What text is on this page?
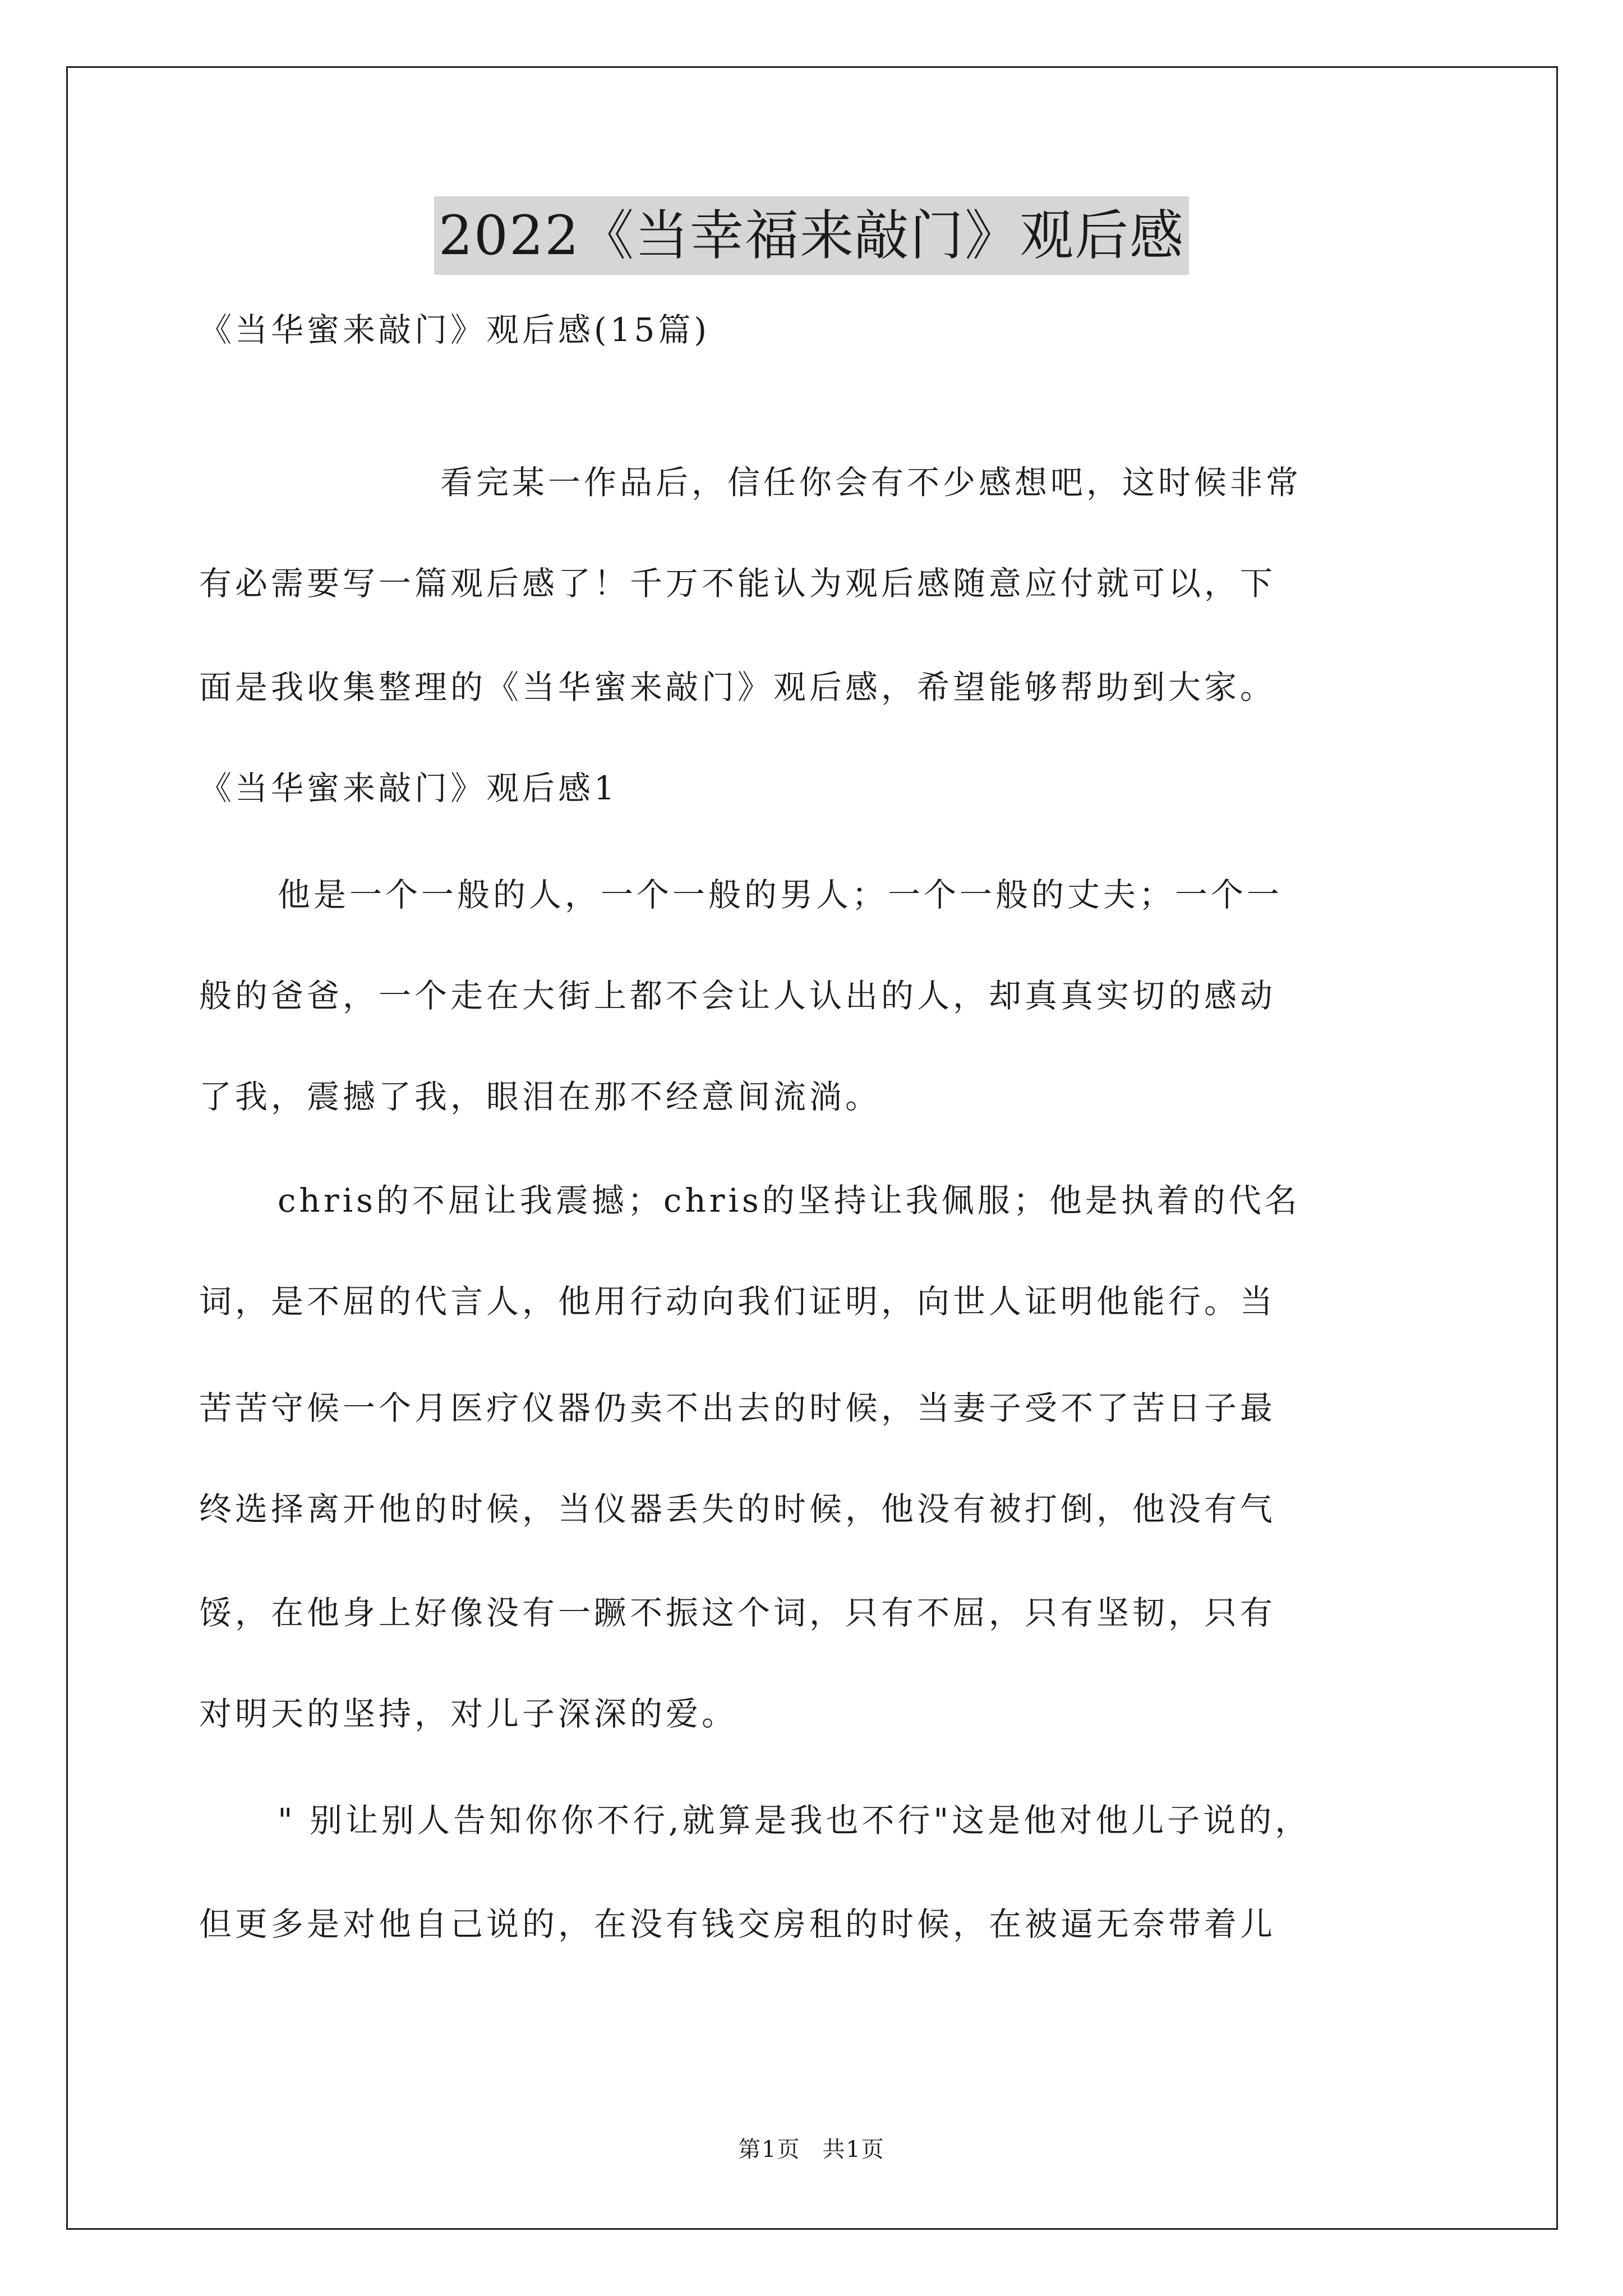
2022《当幸福来敲门》观后感
《当华蜜来敲门》观后感(15篇)
看完某一作品后，信任你会有不少感想吧，这时候非常
有必需要写一篇观后感了！千万不能认为观后感随意应付就可以，下
面是我收集整理的《当华蜜来敲门》观后感，希望能够帮助到大家。
《当华蜜来敲门》观后感1
他是一个一般的人，一个一般的男人；一个一般的丈夫；一个一
般的爸爸，一个走在大街上都不会让人认出的人，却真真实切的感动
了我，震撼了我，眼泪在那不经意间流淌。
chris的不屈让我震撼；chris的坚持让我佩服；他是执着的代名
词，是不屈的代言人，他用行动向我们证明，向世人证明他能行。当
苦苦守候一个月医疗仪器仍卖不出去的时候，当妻子受不了苦日子最
终选择离开他的时候，当仪器丢失的时候，他没有被打倒，他没有气
馁，在他身上好像没有一蹶不振这个词，只有不屈，只有坚韧，只有
对明天的坚持，对儿子深深的爱。
" 别让别人告知你你不行,就算是我也不行"这是他对他儿子说的，
但更多是对他自己说的，在没有钱交房租的时候，在被逼无奈带着儿
第1页 共1页
